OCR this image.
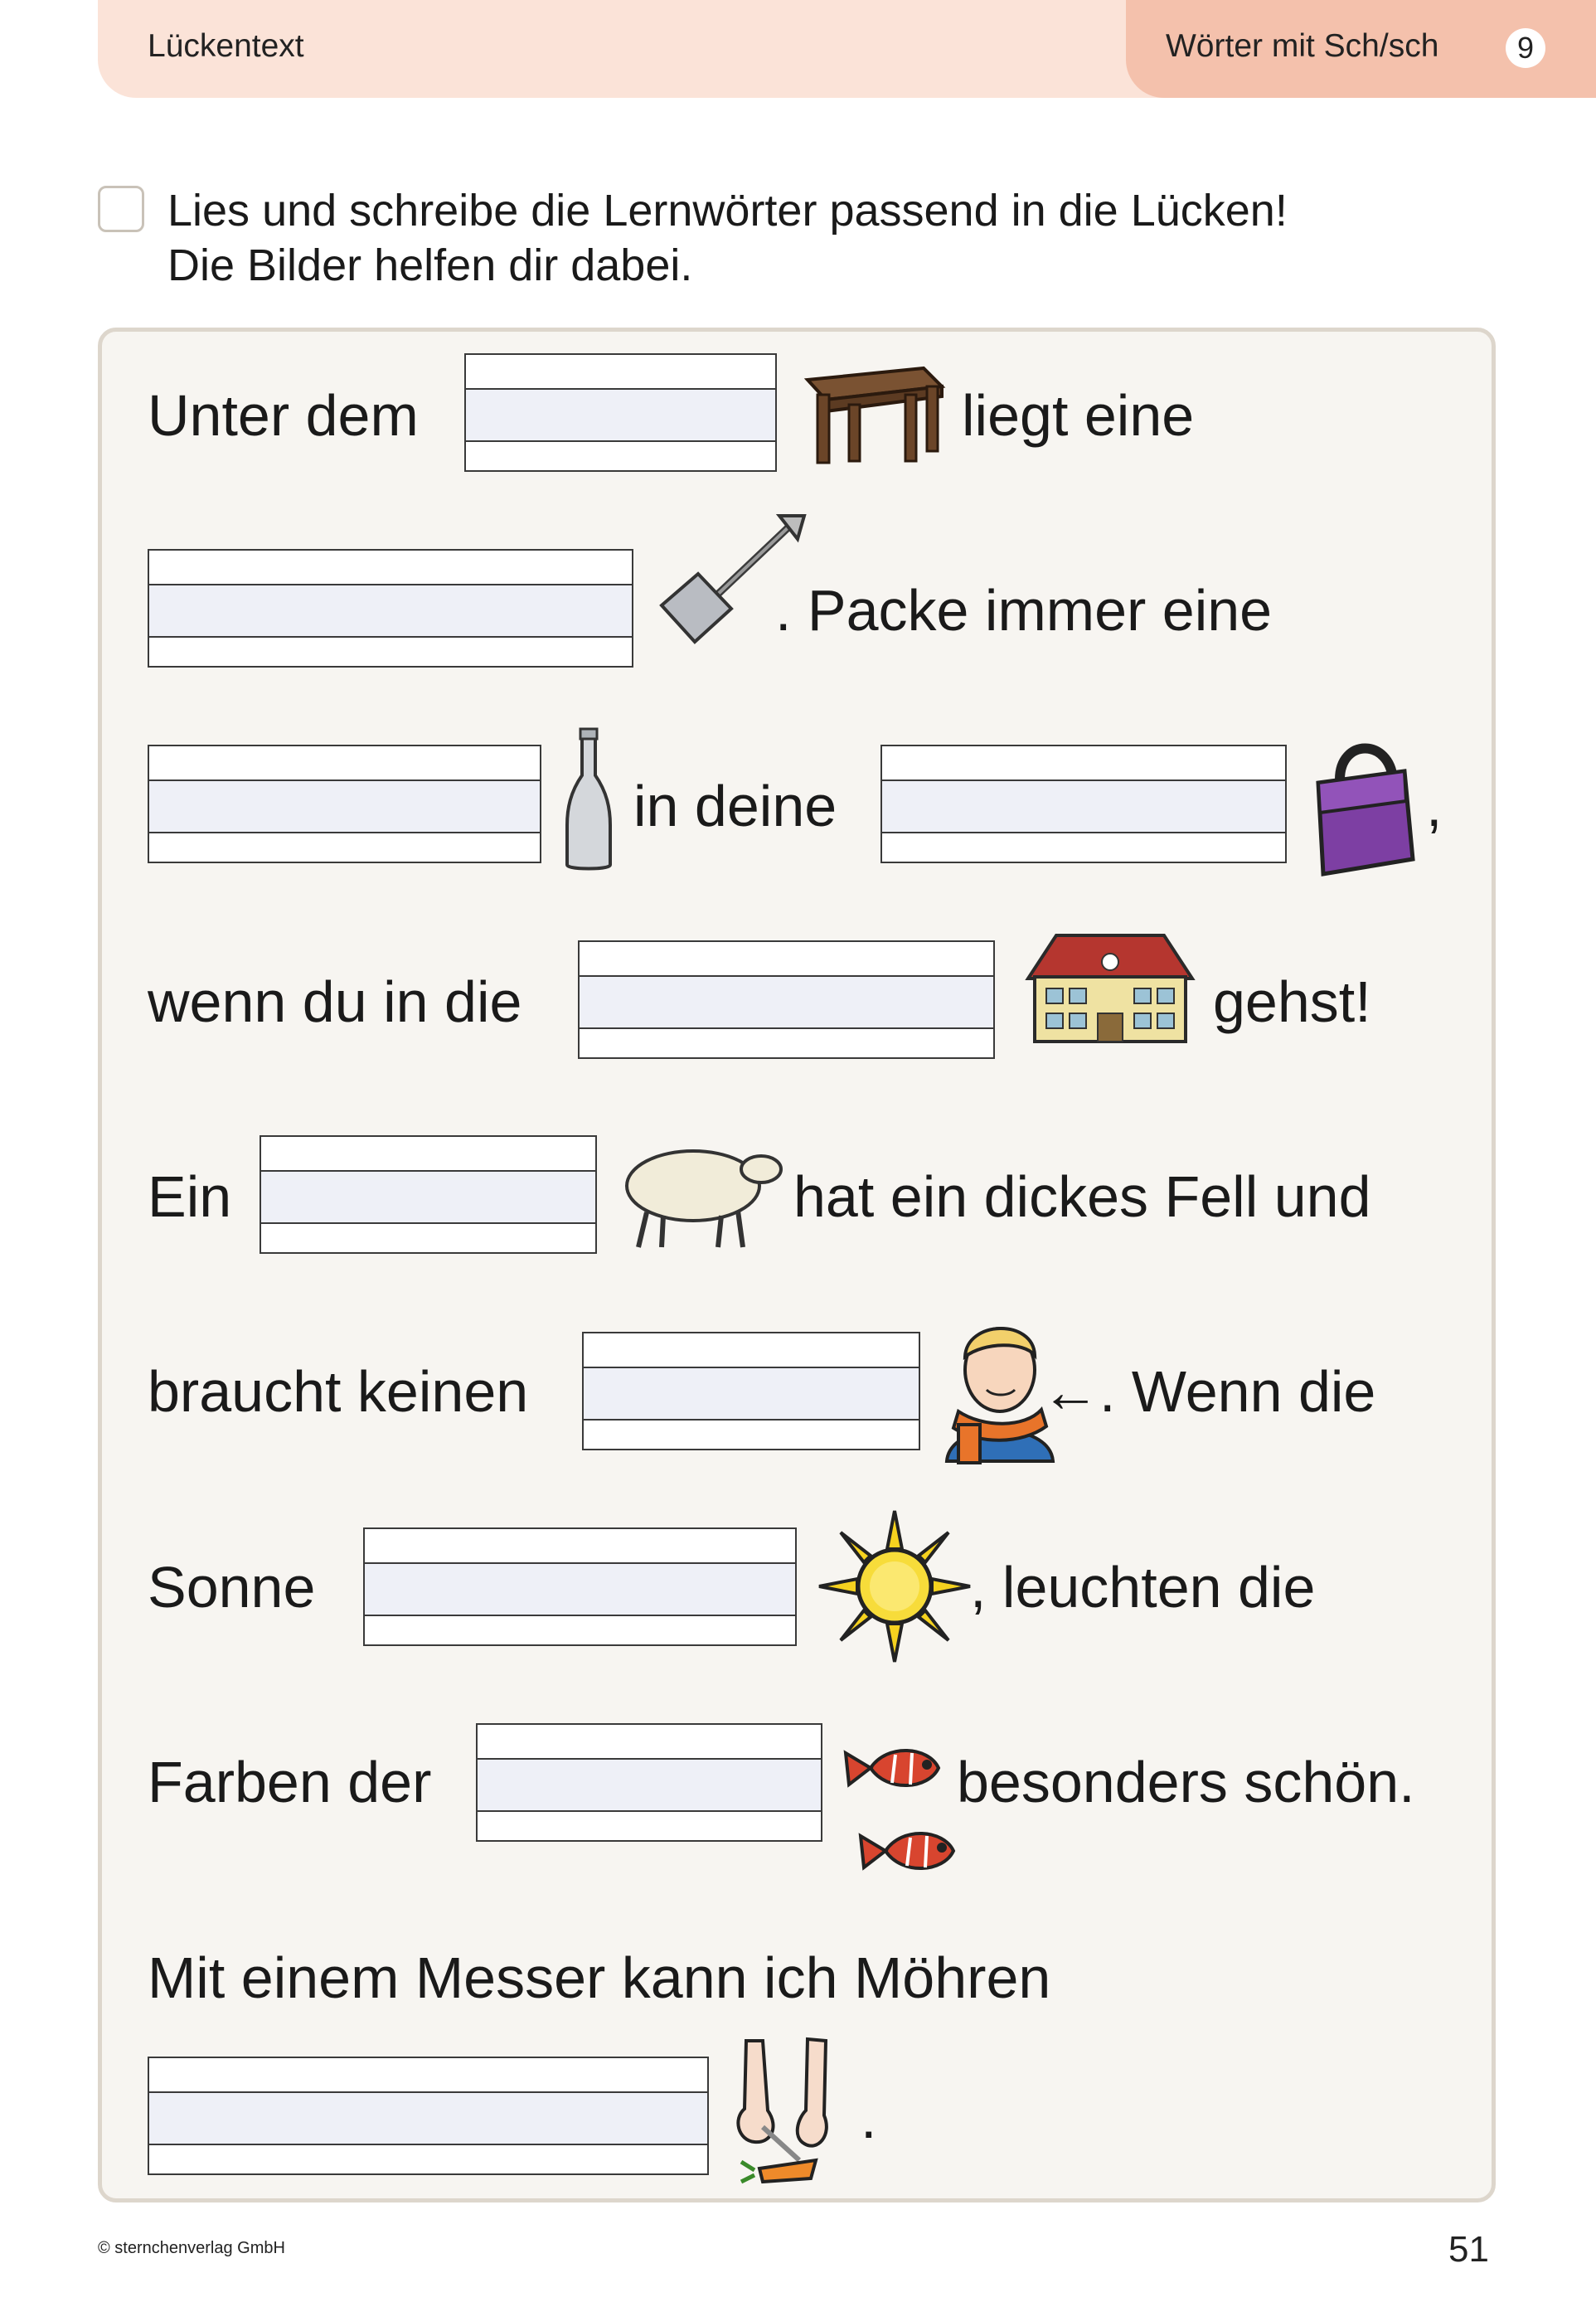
Lückentext	Wörter mit Sch/sch	9
Lies und schreibe die Lernwörter passend in die Lücken!
Die Bilder helfen dir dabei.
Unter dem	liegt eine
. Packe immer eine
in deine	,
wenn du in die	gehst!
Ein	hat ein dickes Fell und
braucht keinen	← . Wenn die
Sonne	, leuchten die
Farben der	besonders schön.
Mit einem Messer kann ich Möhren
.
© sternchenverlag GmbH	51
